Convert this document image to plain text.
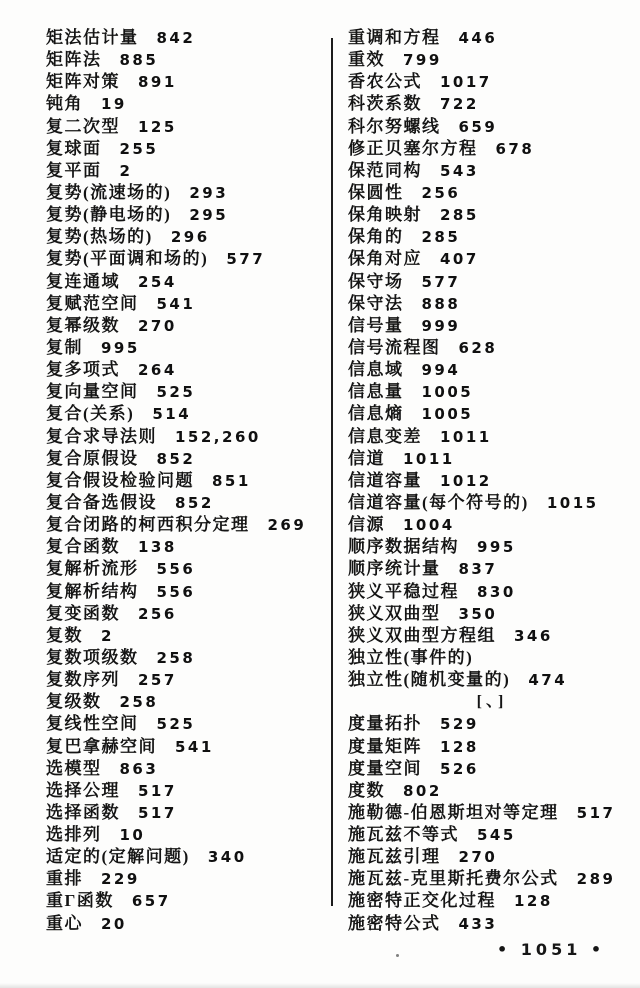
矩法估计量 842
矩阵法 885
矩阵对策 891
钝角 19
复二次型 125
复球面 255
复平面 2
复势(流速场的) 293
复势(静电场的) 295
复势(热场的) 296
复势(平面调和场的) 577
复连通域 254
复赋范空间 541
复幂级数 270
复制 995
复多项式 264
复向量空间 525
复合(关系) 514
复合求导法则 152,260
复合原假设 852
复合假设检验问题 851
复合备选假设 852
复合闭路的柯西积分定理 269
复合函数 138
复解析流形 556
复解析结构 556
复变函数 256
复数 2
复数项级数 258
复数序列 257
复级数 258
复线性空间 525
复巴拿赫空间 541
选模型 863
选择公理 517
选择函数 517
选排列 10
适定的(定解问题) 340
重排 229
重Γ函数 657
重心 20
重调和方程 446
重效 799
香农公式 1017
科茨系数 722
科尔努螺线 659
修正贝塞尔方程 678
保范同构 543
保圆性 256
保角映射 285
保角的 285
保角对应 407
保守场 577
保守法 888
信号量 999
信号流程图 628
信息域 994
信息量 1005
信息熵 1005
信息变差 1011
信道 1011
信道容量 1012
信道容量(每个符号的) 1015
信源 1004
顺序数据结构 995
顺序统计量 837
狭义平稳过程 830
狭义双曲型 350
狭义双曲型方程组 346
独立性(事件的)
独立性(随机变量的) 474
[、]
度量拓扑 529
度量矩阵 128
度量空间 526
度数 802
施勒德-伯恩斯坦对等定理 517
施瓦兹不等式 545
施瓦兹引理 270
施瓦兹-克里斯托费尔公式 289
施密特正交化过程 128
施密特公式 433
• 1051 •
